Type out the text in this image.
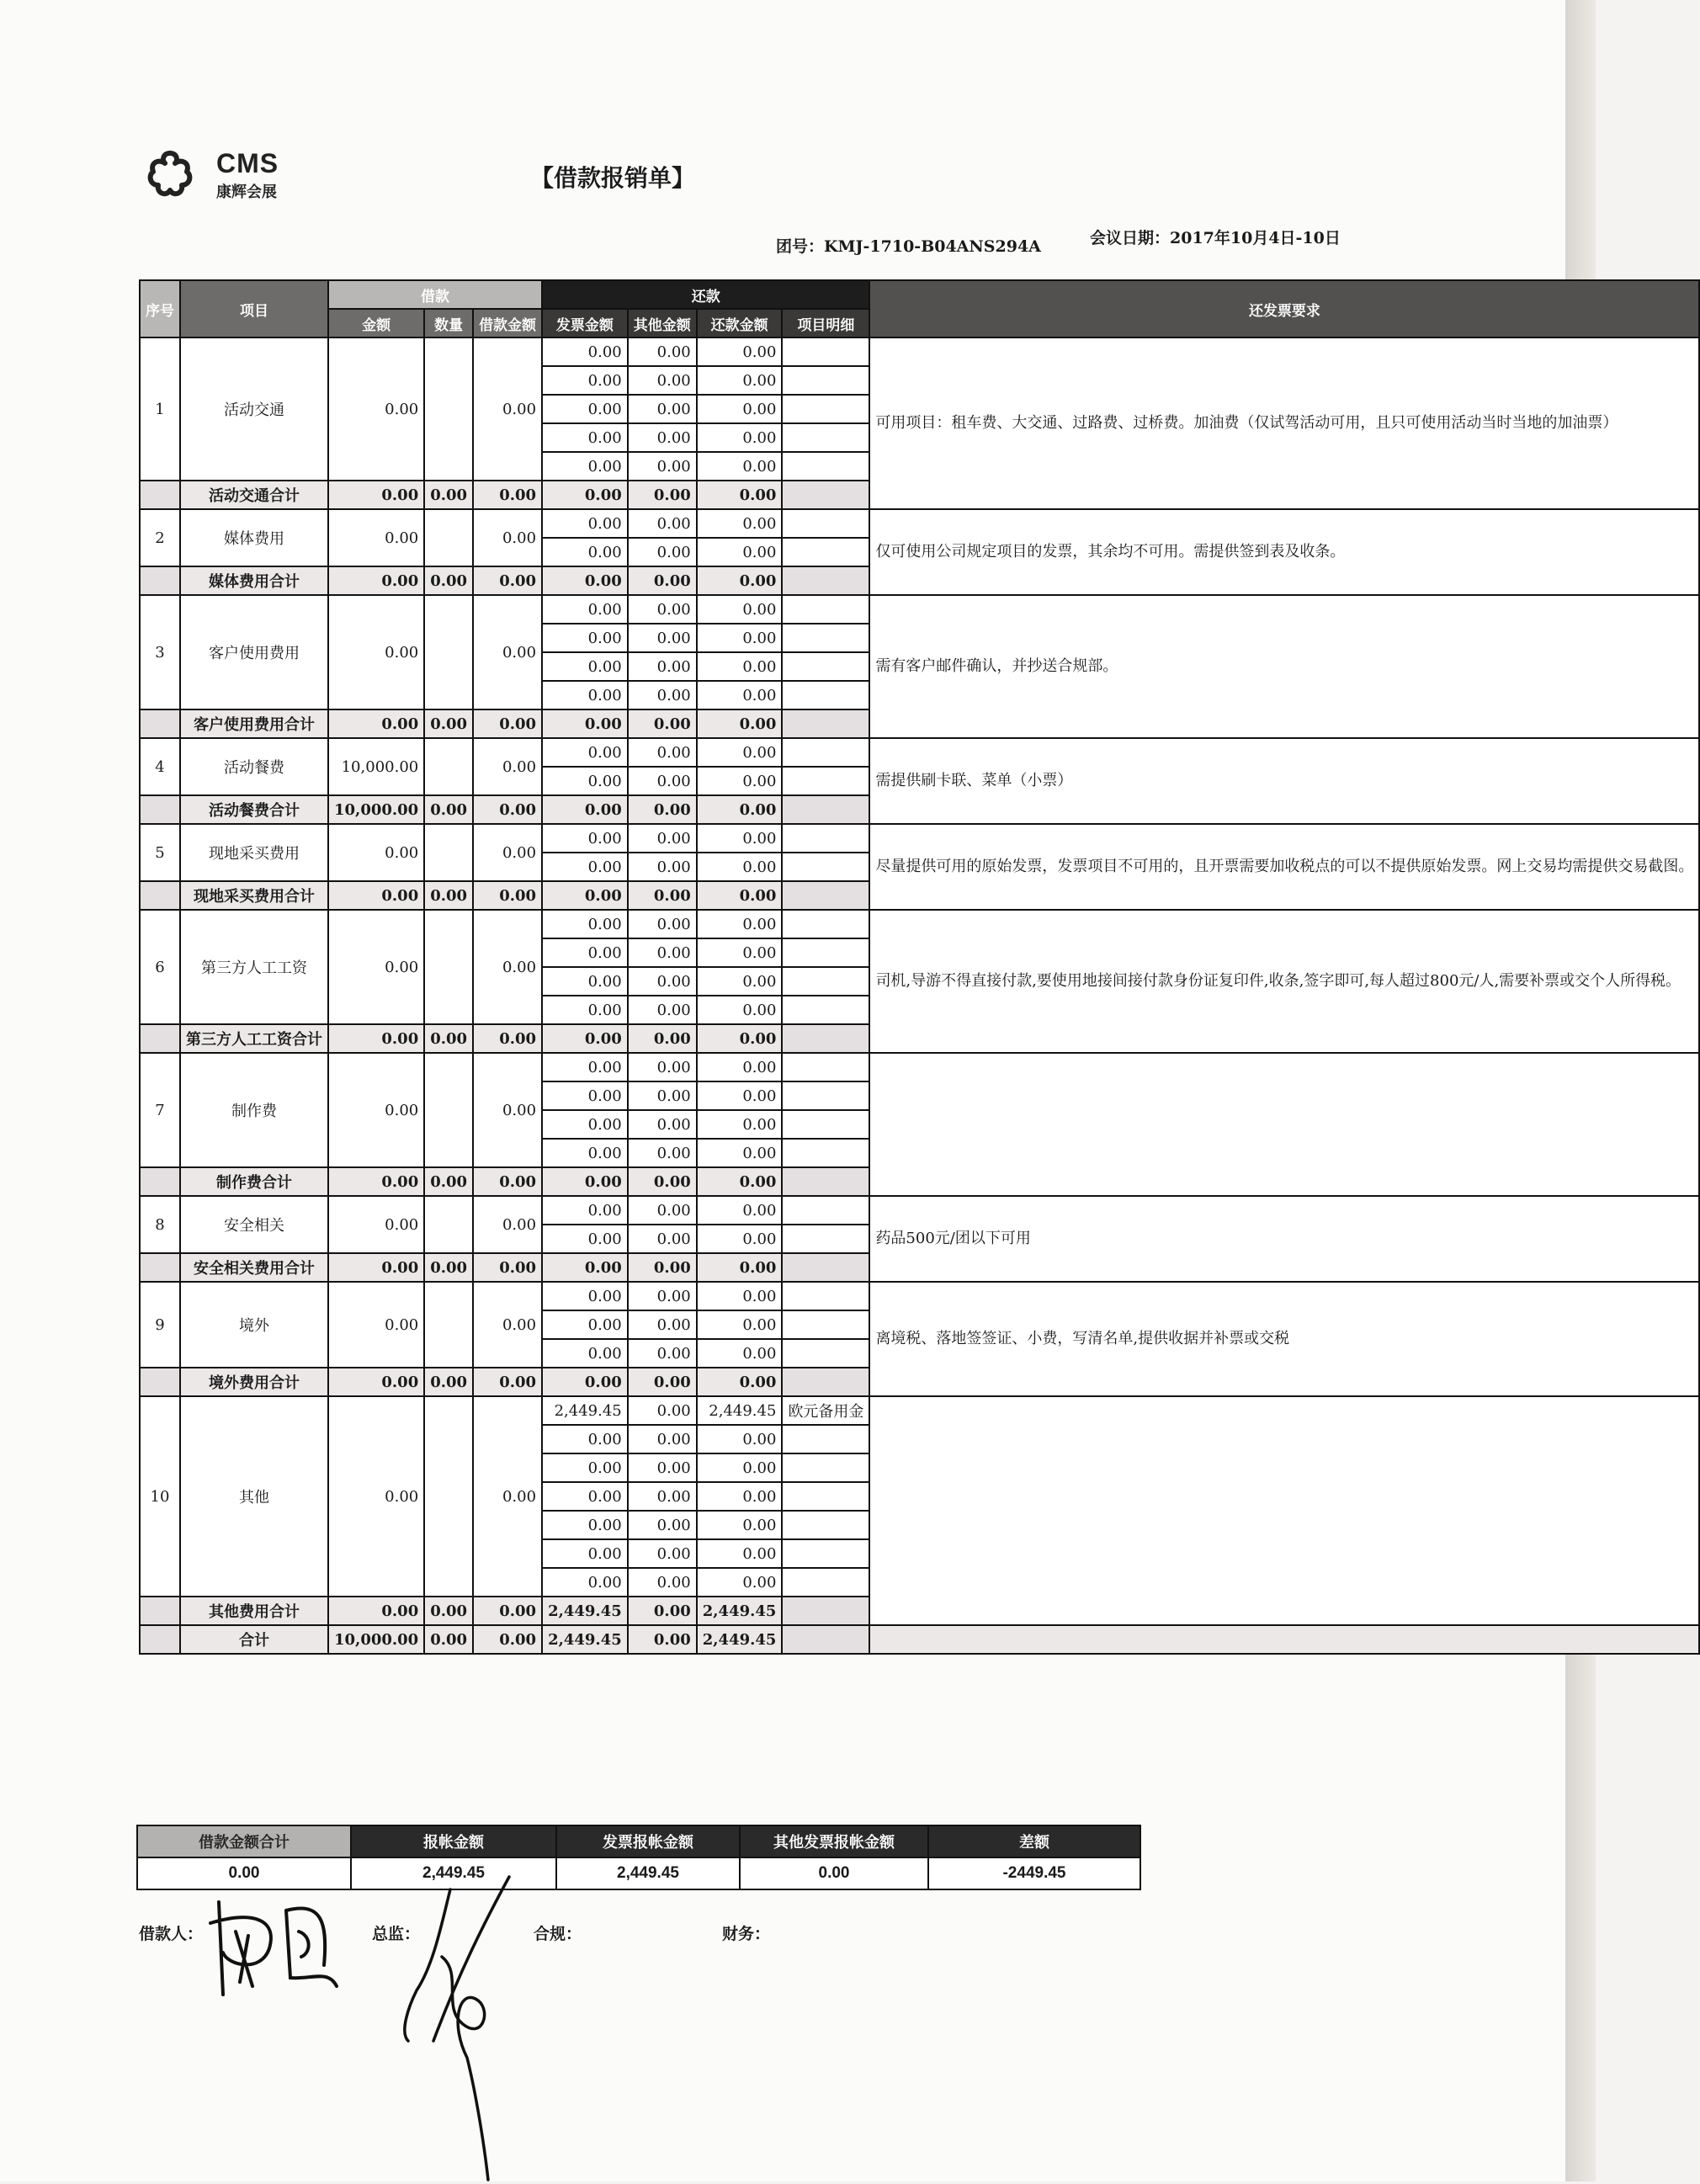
CMS
康辉会展
【借款报销单】
团号：KMJ-1710-B04ANS294A	会议日期：2017年10月4日-10日
序号	项目	借款			还款				还发票要求
		金额	数量	借款金额	发票金额	其他金额	还款金额	项目明细	
1	活动交通	0.00		0.00	0.00	0.00	0.00		可用项目：租车费、大交通、过路费、过桥费。加油费（仅试驾活动可用，且只可使用活动当时当地的加油票）
					0.00	0.00	0.00		
					0.00	0.00	0.00		
					0.00	0.00	0.00		
					0.00	0.00	0.00		
	活动交通合计	0.00	0.00	0.00	0.00	0.00	0.00		
2	媒体费用	0.00		0.00	0.00	0.00	0.00		仅可使用公司规定项目的发票，其余均不可用。需提供签到表及收条。
					0.00	0.00	0.00		
	媒体费用合计	0.00	0.00	0.00	0.00	0.00	0.00		
3	客户使用费用	0.00		0.00	0.00	0.00	0.00		需有客户邮件确认，并抄送合规部。
					0.00	0.00	0.00		
					0.00	0.00	0.00		
					0.00	0.00	0.00		
	客户使用费用合计	0.00	0.00	0.00	0.00	0.00	0.00		
4	活动餐费	10,000.00		0.00	0.00	0.00	0.00		需提供刷卡联、菜单（小票）
					0.00	0.00	0.00		
	活动餐费合计	10,000.00	0.00	0.00	0.00	0.00	0.00		
5	现地采买费用	0.00		0.00	0.00	0.00	0.00		尽量提供可用的原始发票，发票项目不可用的，且开票需要加收税点的可以不提供原始发票。网上交易均需提供交易截图。
					0.00	0.00	0.00		
	现地采买费用合计	0.00	0.00	0.00	0.00	0.00	0.00		
6	第三方人工工资	0.00		0.00	0.00	0.00	0.00		司机,导游不得直接付款,要使用地接间接付款身份证复印件,收条,签字即可,每人超过800元/人,需要补票或交个人所得税。
					0.00	0.00	0.00		
					0.00	0.00	0.00		
					0.00	0.00	0.00		
	第三方人工工资合计	0.00	0.00	0.00	0.00	0.00	0.00		
7	制作费	0.00		0.00	0.00	0.00	0.00		
					0.00	0.00	0.00		
					0.00	0.00	0.00		
					0.00	0.00	0.00		
	制作费合计	0.00	0.00	0.00	0.00	0.00	0.00		
8	安全相关	0.00		0.00	0.00	0.00	0.00		药品500元/团以下可用
					0.00	0.00	0.00		
	安全相关费用合计	0.00	0.00	0.00	0.00	0.00	0.00		
9	境外	0.00		0.00	0.00	0.00	0.00		离境税、落地签签证、小费，写清名单,提供收据并补票或交税
					0.00	0.00	0.00		
					0.00	0.00	0.00		
	境外费用合计	0.00	0.00	0.00	0.00	0.00	0.00		
10	其他	0.00		0.00	2,449.45	0.00	2,449.45	欧元备用金	
					0.00	0.00	0.00		
					0.00	0.00	0.00		
					0.00	0.00	0.00		
					0.00	0.00	0.00		
					0.00	0.00	0.00		
					0.00	0.00	0.00		
	其他费用合计	0.00	0.00	0.00	2,449.45	0.00	2,449.45		
	合计	10,000.00	0.00	0.00	2,449.45	0.00	2,449.45		
借款金额合计	报帐金额	发票报帐金额	其他发票报帐金额	差额
0.00	2,449.45	2,449.45	0.00	-2449.45
借款人：	总监：	合规：	财务：
